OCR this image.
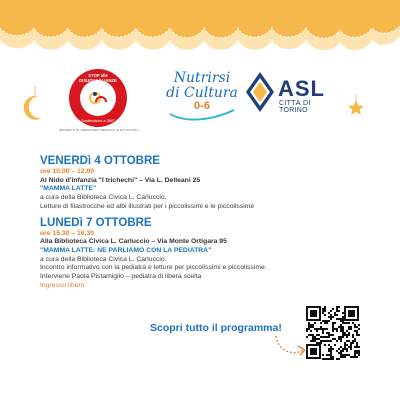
STOP alle
DISUGUAGLIANZE
Sosteniamo a 360°
PROGETTI DI TERRITORIO DEDICATI AI PIÙ PICCOLI
Nutrirsi
di Cultura
0-6
ASL
CITTÀ DI TORINO
VENERDì 4 OTTOBRE
ore 10.00 – 12.00
Al Nido d'infanzia "I trichechi" – Via L. Delleani 25
"MAMMA LATTE"
a cura della Biblioteca Civica L. Carluccio.
Letture di filastrocche ed albi illustrati per i piccolissimi e le piccolissime
LUNEDì 7 OTTOBRE
ore 15.30 – 16.30
Alla Biblioteca Civica L. Carluccio – Via Monte Ortigara 95
"MAMMA LATTE: NE PARLIAMO CON LA PEDIATRA"
a cura della Biblioteca Civica L. Carluccio.
Incontro informativo con la pediatra e letture per piccolissimi e piccolissime.
Interviene Paola Pistamiglio – pediatra di libera scelta
Ingresso libero
Scopri tutto il programma!
